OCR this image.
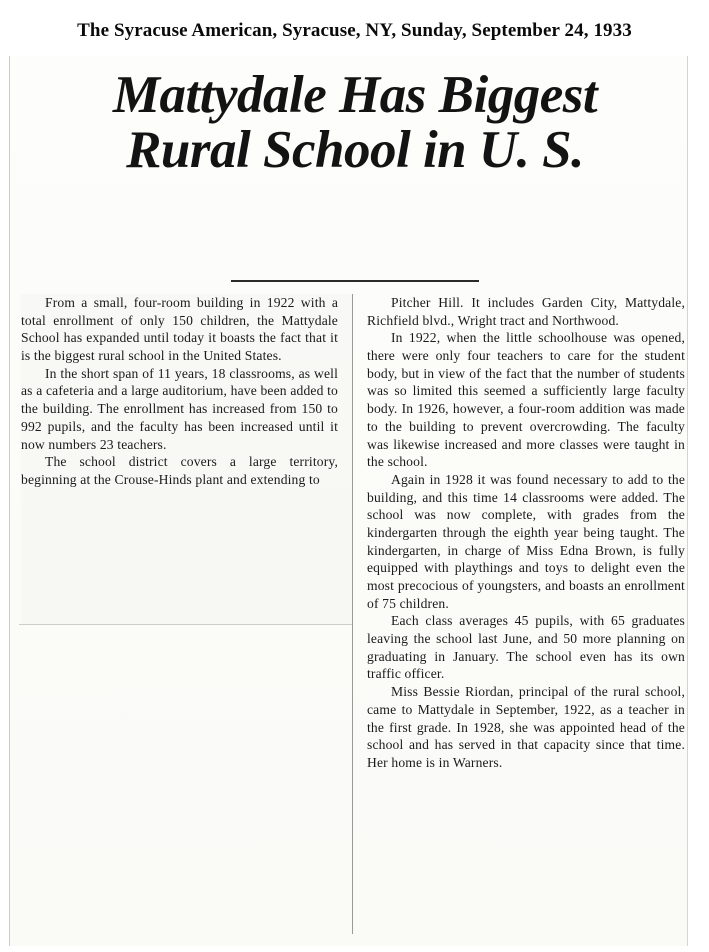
The Syracuse American, Syracuse, NY, Sunday, September 24, 1933
Mattydale Has Biggest
Rural School in U. S.

From a small, four-room building in 1922 with a total enrollment of only 150 children, the Mattydale School has expanded until today it boasts the fact that it is the biggest rural school in the United States.

In the short span of 11 years, 18 classrooms, as well as a cafeteria and a large auditorium, have been added to the building. The enrollment has increased from 150 to 992 pupils, and the faculty has been increased until it now numbers 23 teachers.

The school district covers a large territory, beginning at the Crouse-Hinds plant and extending to

Pitcher Hill. It includes Garden City, Mattydale, Richfield blvd., Wright tract and Northwood.

In 1922, when the little schoolhouse was opened, there were only four teachers to care for the student body, but in view of the fact that the number of students was so limited this seemed a sufficiently large faculty body. In 1926, however, a four-room addition was made to the building to prevent overcrowding. The faculty was likewise increased and more classes were taught in the school.

Again in 1928 it was found necessary to add to the building, and this time 14 classrooms were added. The school was now complete, with grades from the kindergarten through the eighth year being taught. The kindergarten, in charge of Miss Edna Brown, is fully equipped with playthings and toys to delight even the most precocious of youngsters, and boasts an enrollment of 75 children.

Each class averages 45 pupils, with 65 graduates leaving the school last June, and 50 more planning on graduating in January. The school even has its own traffic officer.

Miss Bessie Riordan, principal of the rural school, came to Mattydale in September, 1922, as a teacher in the first grade. In 1928, she was appointed head of the school and has served in that capacity since that time. Her home is in Warners.
